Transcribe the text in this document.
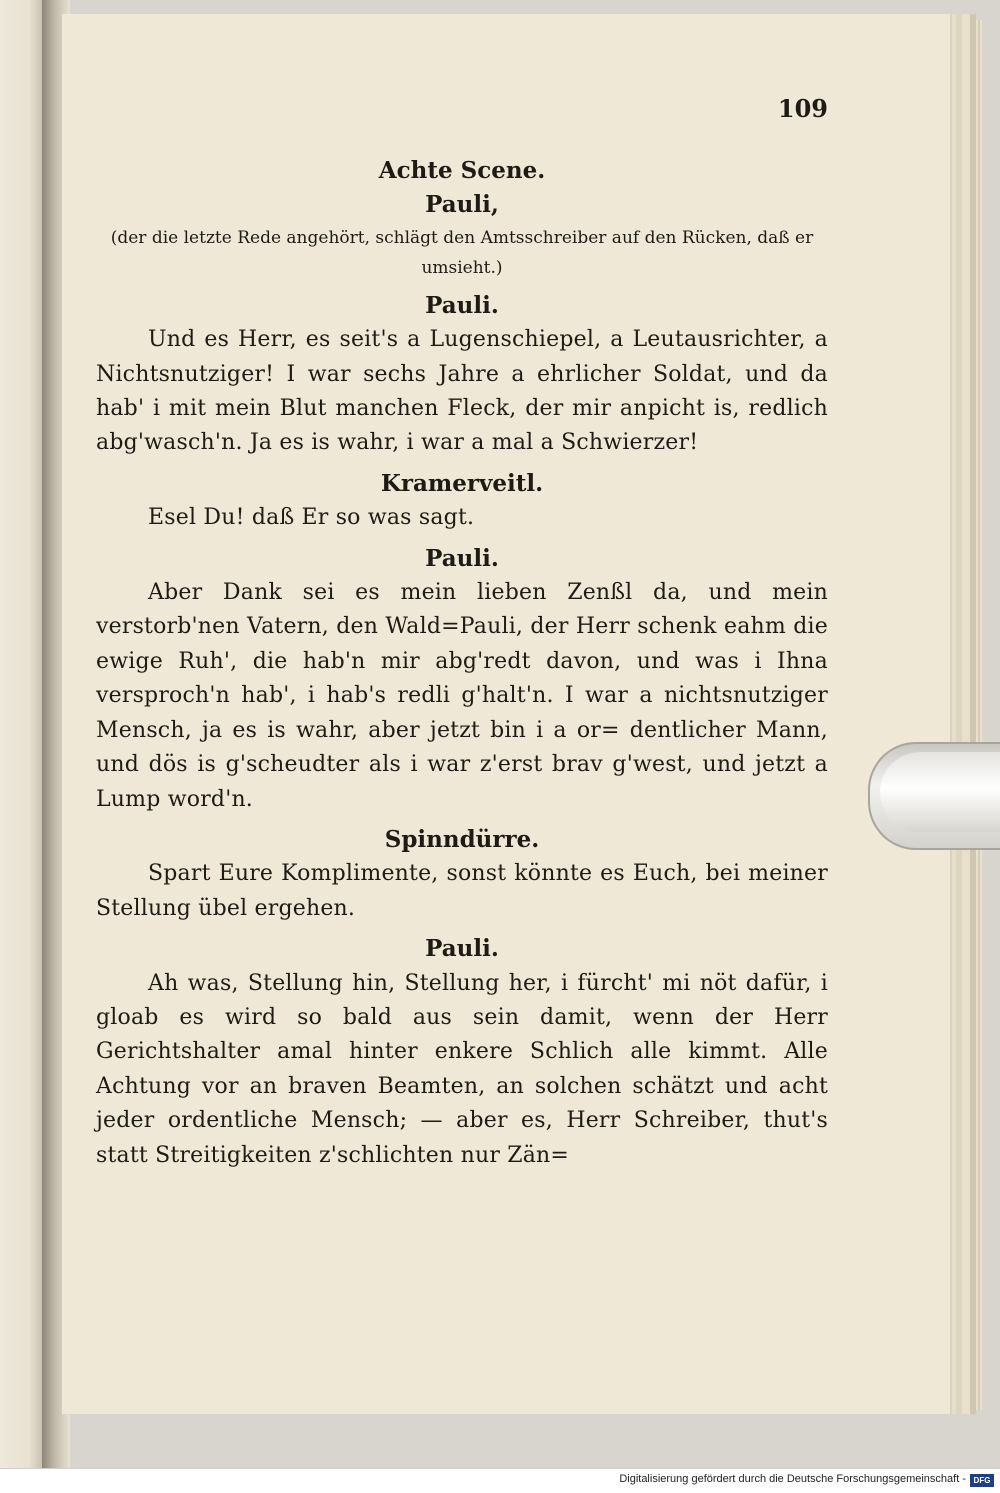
109

Achte Scene.

Pauli,

(der die letzte Rede angehört, schlägt den Amtsschreiber auf den Rücken, daß er umsieht.)

Pauli.

Und es Herr, es seit's a Lugenschiepel, a Leutausrichter, a Nichtsnutziger! I war sechs Jahre a ehrlicher Soldat, und da hab' i mit mein Blut manchen Fleck, der mir anpicht is, redlich abg'wasch'n. Ja es is wahr, i war a mal a Schwierzer!

Kramerveitl.

Esel Du! daß Er so was sagt.

Pauli.

Aber Dank sei es mein lieben Zenßl da, und mein verstorb'nen Vatern, den Wald=Pauli, der Herr schenk eahm die ewige Ruh', die hab'n mir abg'redt davon, und was i Ihna versproch'n hab', i hab's redli g'halt'n. I war a nichtsnutziger Mensch, ja es is wahr, aber jetzt bin i a or= dentlicher Mann, und dös is g'scheudter als i war z'erst brav g'west, und jetzt a Lump word'n.

Spinndürre.

Spart Eure Komplimente, sonst könnte es Euch, bei meiner Stellung übel ergehen.

Pauli.

Ah was, Stellung hin, Stellung her, i fürcht' mi nöt dafür, i gloab es wird so bald aus sein damit, wenn der Herr Gerichtshalter amal hinter enkere Schlich alle kimmt. Alle Achtung vor an braven Beamten, an solchen schätzt und acht jeder ordentliche Mensch; — aber es, Herr Schreiber, thut's statt Streitigkeiten z'schlichten nur Zän=

Digitalisierung gefördert durch die Deutsche Forschungsgemeinschaft - DFG
